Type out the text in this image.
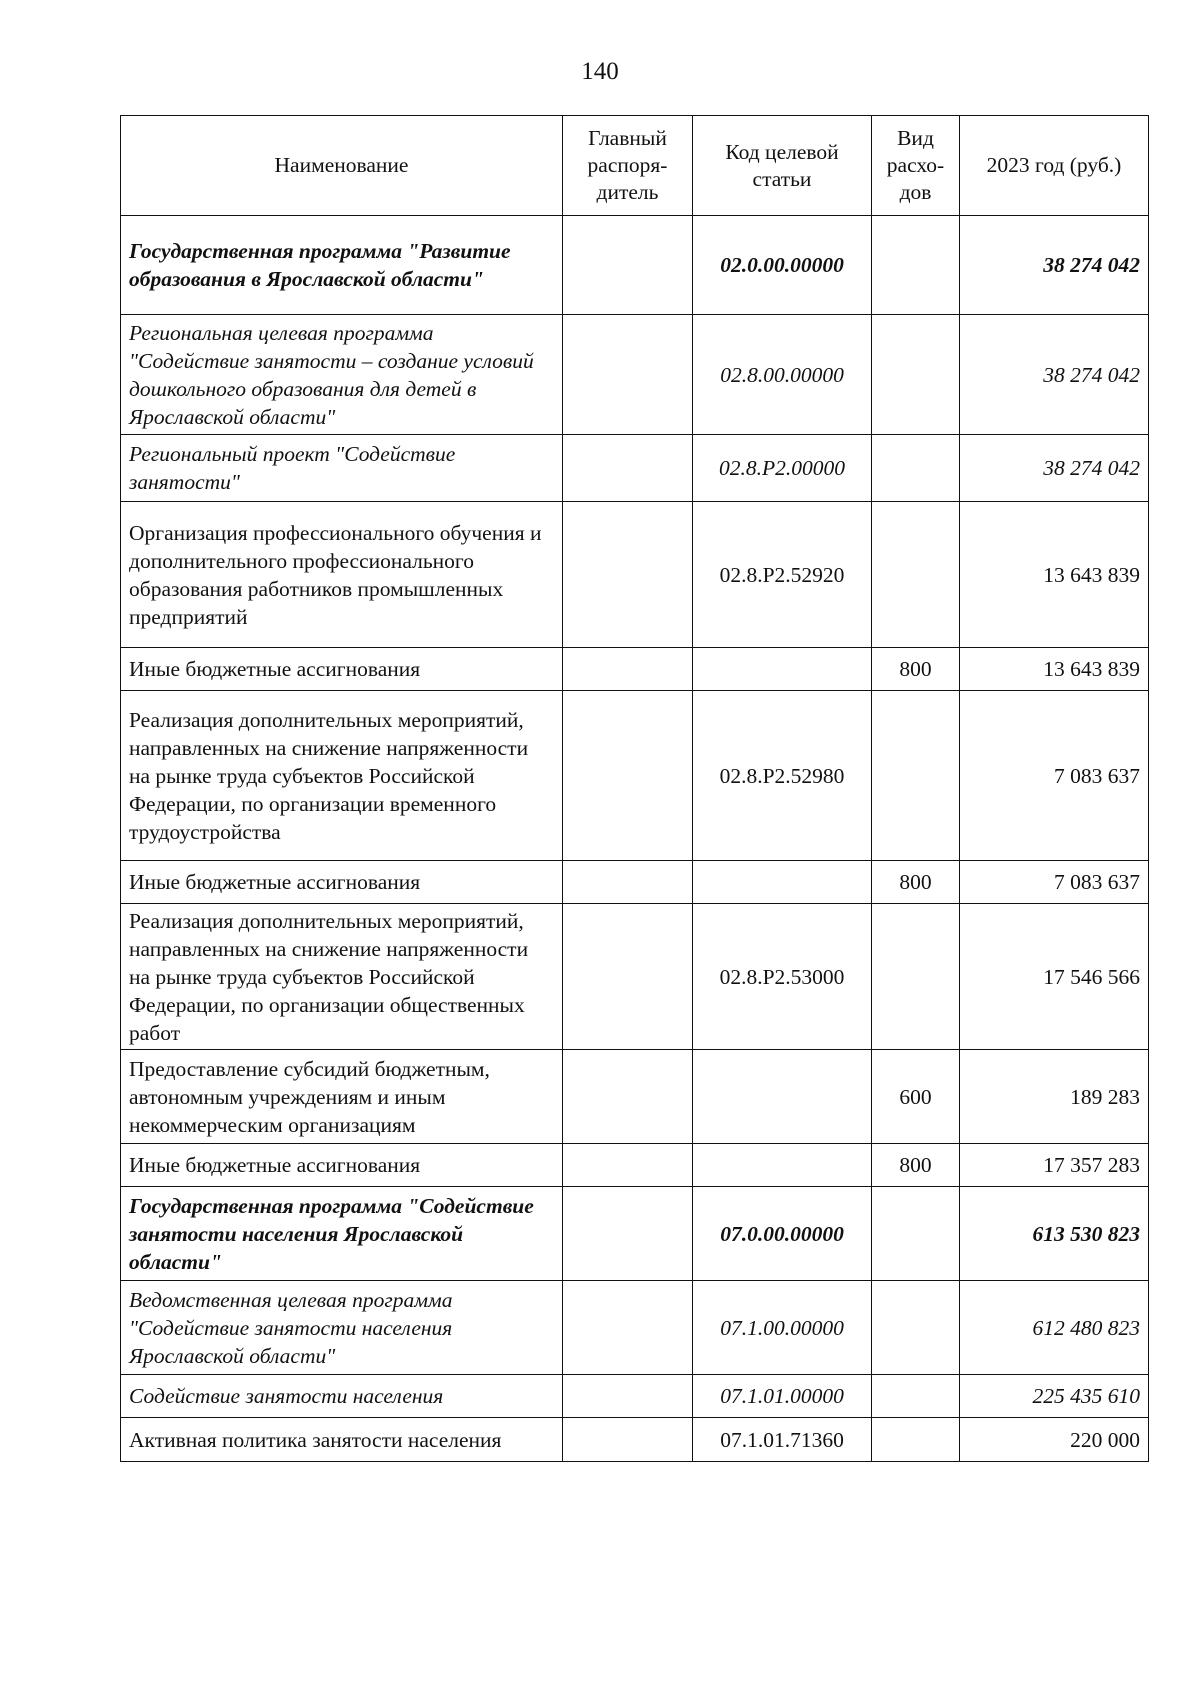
140
Наименование	Главный распоря-дитель	Код целевой статьи	Вид расхо-дов	2023 год (руб.)
Государственная программа "Развитие образования в Ярославской области"		02.0.00.00000		38 274 042
Региональная целевая программа "Содействие занятости – создание условий дошкольного образования для детей в Ярославской области"		02.8.00.00000		38 274 042
Региональный проект "Содействие занятости"		02.8.P2.00000		38 274 042
Организация профессионального обучения и дополнительного профессионального образования работников промышленных предприятий		02.8.P2.52920		13 643 839
Иные бюджетные ассигнования			800	13 643 839
Реализация дополнительных мероприятий, направленных на снижение напряженности на рынке труда субъектов Российской Федерации, по организации временного трудоустройства		02.8.P2.52980		7 083 637
Иные бюджетные ассигнования			800	7 083 637
Реализация дополнительных мероприятий, направленных на снижение напряженности на рынке труда субъектов Российской Федерации, по организации общественных работ		02.8.P2.53000		17 546 566
Предоставление субсидий бюджетным, автономным учреждениям и иным некоммерческим организациям			600	189 283
Иные бюджетные ассигнования			800	17 357 283
Государственная программа "Содействие занятости населения Ярославской области"		07.0.00.00000		613 530 823
Ведомственная целевая программа "Содействие занятости населения Ярославской области"		07.1.00.00000		612 480 823
Содействие занятости населения		07.1.01.00000		225 435 610
Активная политика занятости населения		07.1.01.71360		220 000
